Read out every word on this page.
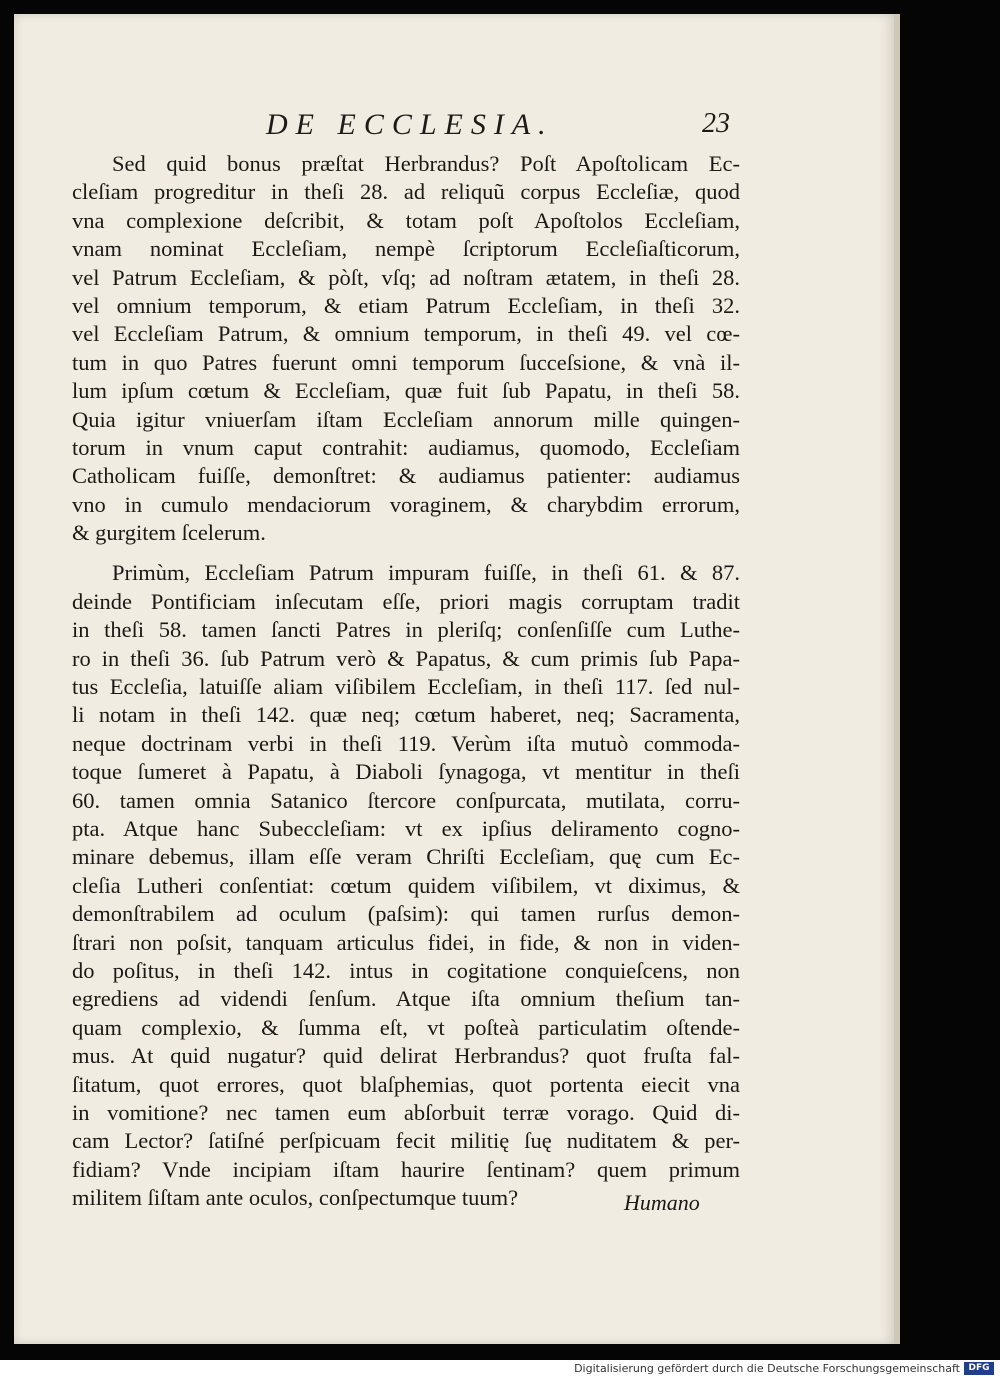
DE ECCLESIA.	23
Sed quid bonus præſtat Herbrandus? Poſt Apoſtolicam Ec-
cleſiam progreditur in theſi 28. ad reliquũ corpus Eccleſiæ, quod
vna complexione deſcribit, & totam poſt Apoſtolos Eccleſiam,
vnam nominat Eccleſiam, nempè ſcriptorum Eccleſiaſticorum,
vel Patrum Eccleſiam, & pòſt, vſq; ad noſtram ætatem, in theſi 28.
vel omnium temporum, & etiam Patrum Eccleſiam, in theſi 32.
vel Eccleſiam Patrum, & omnium temporum, in theſi 49. vel cœ-
tum in quo Patres fuerunt omni temporum ſucceſsione, & vnà il-
lum ipſum cœtum & Eccleſiam, quæ fuit ſub Papatu, in theſi 58.
Quia igitur vniuerſam iſtam Eccleſiam annorum mille quingen-
torum in vnum caput contrahit: audiamus, quomodo, Eccleſiam
Catholicam fuiſſe, demonſtret: & audiamus patienter: audiamus
vno in cumulo mendaciorum voraginem, & charybdim errorum,
& gurgitem ſcelerum.
Primùm, Eccleſiam Patrum impuram fuiſſe, in theſi 61. & 87.
deinde Pontificiam inſecutam eſſe, priori magis corruptam tradit
in theſi 58. tamen ſancti Patres in pleriſq; conſenſiſſe cum Luthe-
ro in theſi 36. ſub Patrum verò & Papatus, & cum primis ſub Papa-
tus Eccleſia, latuiſſe aliam viſibilem Eccleſiam, in theſi 117. ſed nul-
li notam in theſi 142. quæ neq; cœtum haberet, neq; Sacramenta,
neque doctrinam verbi in theſi 119. Verùm iſta mutuò commoda-
toque ſumeret à Papatu, à Diaboli ſynagoga, vt mentitur in theſi
60. tamen omnia Satanico ſtercore conſpurcata, mutilata, corru-
pta. Atque hanc Subeccleſiam: vt ex ipſius deliramento cogno-
minare debemus, illam eſſe veram Chriſti Eccleſiam, quę cum Ec-
cleſia Lutheri conſentiat: cœtum quidem viſibilem, vt diximus, &
demonſtrabilem ad oculum (paſsim): qui tamen rurſus demon-
ſtrari non poſsit, tanquam articulus fidei, in fide, & non in viden-
do poſitus, in theſi 142. intus in cogitatione conquieſcens, non
egrediens ad videndi ſenſum. Atque iſta omnium theſium tan-
quam complexio, & ſumma eſt, vt poſteà particulatim oſtende-
mus. At quid nugatur? quid delirat Herbrandus? quot fruſta fal-
ſitatum, quot errores, quot blaſphemias, quot portenta eiecit vna
in vomitione? nec tamen eum abſorbuit terræ vorago. Quid di-
cam Lector? ſatiſné perſpicuam fecit militię ſuę nuditatem & per-
fidiam? Vnde incipiam iſtam haurire ſentinam? quem primum
militem ſiſtam ante oculos, conſpectumque tuum?	Humano
Digitalisierung gefördert durch die Deutsche Forschungsgemeinschaft DFG
